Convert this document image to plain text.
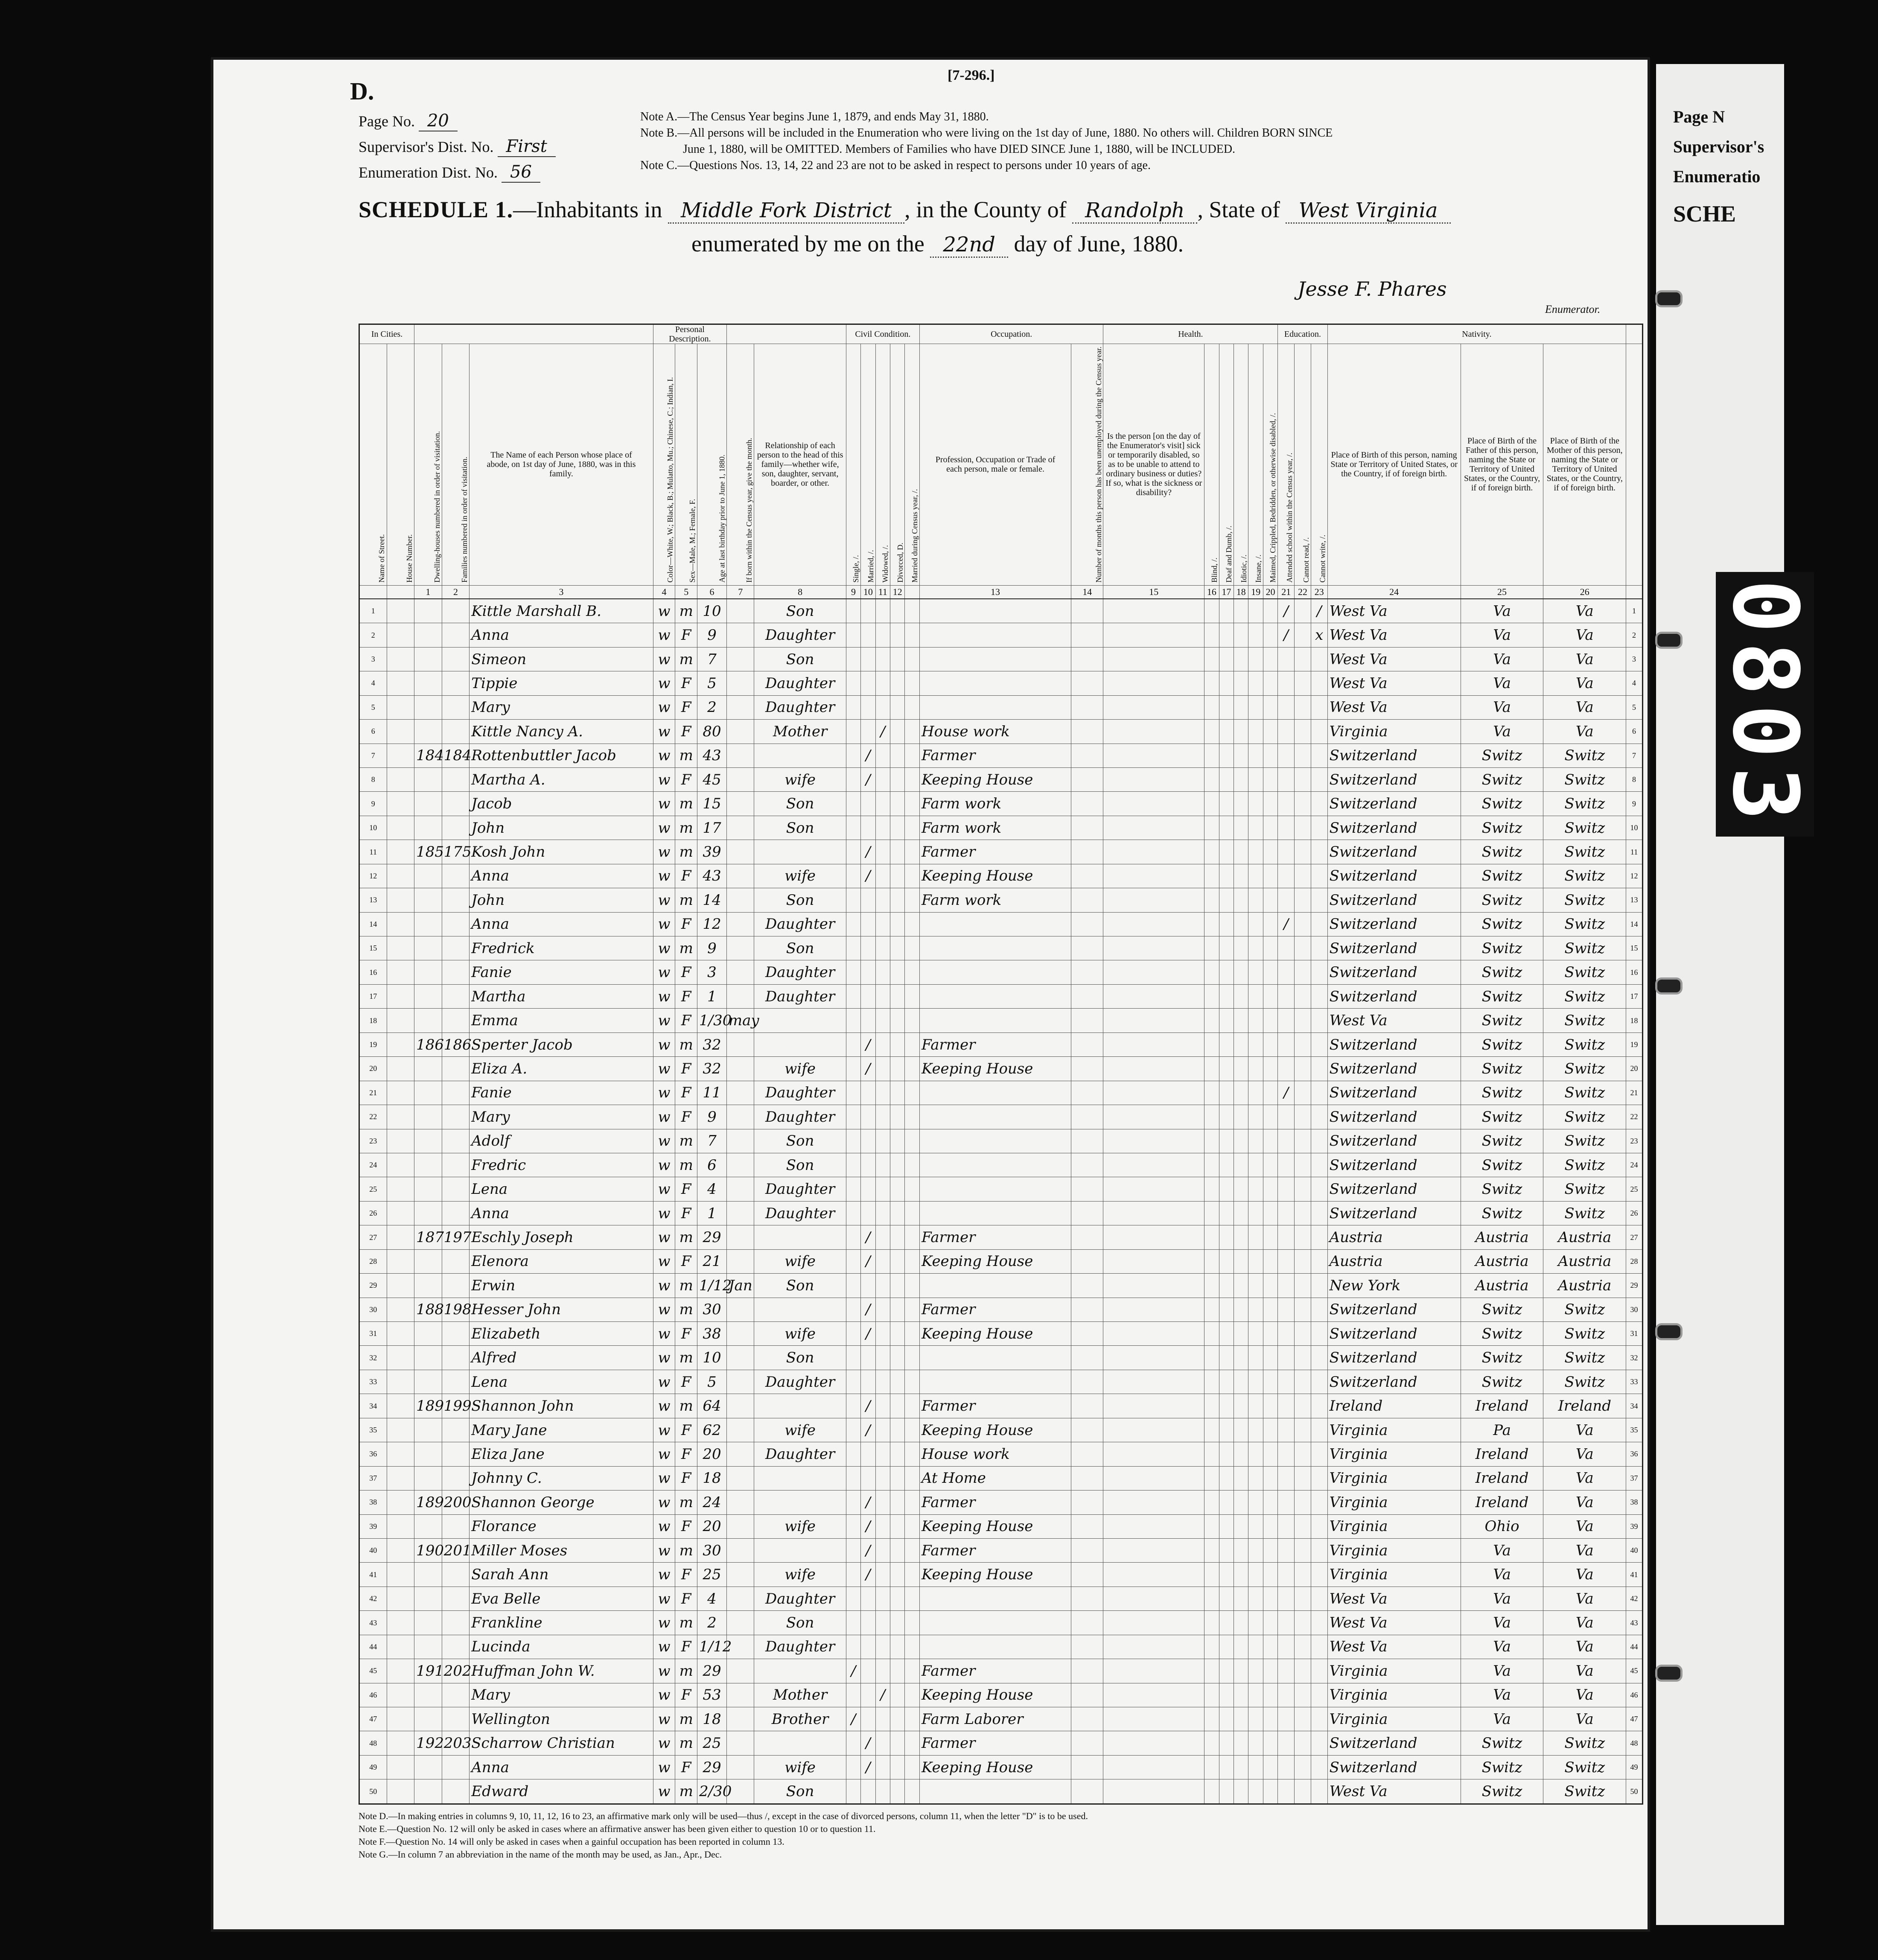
D.
[7-296.]
Page No. 20
Supervisor's Dist. No. First
Enumeration Dist. No. 56
Note A.—The Census Year begins June 1, 1879, and ends May 31, 1880.
Note B.—All persons will be included in the Enumeration who were living on the 1st day of June, 1880. No others will. Children BORN SINCE
June 1, 1880, will be OMITTED. Members of Families who have DIED SINCE June 1, 1880, will be INCLUDED.
Note C.—Questions Nos. 13, 14, 22 and 23 are not to be asked in respect to persons under 10 years of age.
SCHEDULE 1.—Inhabitants in Middle Fork District , in the County of Randolph , State of West Virginia
enumerated by me on the 22nd day of June, 1880.
Jesse F. Phares
Enumerator.
In Cities.					Personal Description.					Civil Condition.					Occupation.		Health.						Education.			Nativity.			
Name of Street.	House Number.	Dwelling-houses numbered in order of visitation.	Families numbered in order of visitation.	The Name of each Person whose place of abode, on 1st day of June, 1880, was in this family.	Color—White, W.; Black, B.; Mulatto, Mu.; Chinese, C.; Indian, I.	Sex—Male, M.; Female, F.	Age at last birthday prior to June 1, 1880.	If born within the Census year, give the month.	Relationship of each person to the head of this family—whether wife, son, daughter, servant, boarder, or other.	Single, /.	Married, /.	Widowed, /.	Divorced, D.	Married during Census year, /.	Profession, Occupation or Trade of each person, male or female.	Number of months this person has been unemployed during the Census year.	Is the person [on the day of the Enumerator's visit] sick or temporarily disabled, so as to be unable to attend to ordinary business or duties? If so, what is the sickness or disability?	Blind, /.	Deaf and Dumb, /.	Idiotic, /.	Insane, /.	Maimed, Crippled, Bedridden, or otherwise disabled, /.	Attended school within the Census year, /.	Cannot read, /.	Cannot write, /.	Place of Birth of this person, naming State or Territory of United States, or the Country, if of foreign birth.	Place of Birth of the Father of this person, naming the State or Territory of United States, or the Country, if of foreign birth.	Place of Birth of the Mother of this person, naming the State or Territory of United States, or the Country, if of foreign birth.	
		1	2	3	4	5	6	7	8	9	10	11	12		13	14	15	16	17	18	19	20	21	22	23	24	25	26	
1				Kittle Marshall B.	w	m	10		Son														/		/	West Va	Va	Va	1
2				Anna	w	F	9		Daughter														/		x	West Va	Va	Va	2
3				Simeon	w	m	7		Son																	West Va	Va	Va	3
4				Tippie	w	F	5		Daughter																	West Va	Va	Va	4
5				Mary	w	F	2		Daughter																	West Va	Va	Va	5
6				Kittle Nancy A.	w	F	80		Mother			/			House work											Virginia	Va	Va	6
7		184	184	Rottenbuttler Jacob	w	m	43				/				Farmer											Switzerland	Switz	Switz	7
8				Martha A.	w	F	45		wife		/				Keeping House											Switzerland	Switz	Switz	8
9				Jacob	w	m	15		Son						Farm work											Switzerland	Switz	Switz	9
10				John	w	m	17		Son						Farm work											Switzerland	Switz	Switz	10
11		185	175	Kosh John	w	m	39				/				Farmer											Switzerland	Switz	Switz	11
12				Anna	w	F	43		wife		/				Keeping House											Switzerland	Switz	Switz	12
13				John	w	m	14		Son						Farm work											Switzerland	Switz	Switz	13
14				Anna	w	F	12		Daughter														/			Switzerland	Switz	Switz	14
15				Fredrick	w	m	9		Son																	Switzerland	Switz	Switz	15
16				Fanie	w	F	3		Daughter																	Switzerland	Switz	Switz	16
17				Martha	w	F	1		Daughter																	Switzerland	Switz	Switz	17
18				Emma	w	F	1/30	may																		West Va	Switz	Switz	18
19		186	186	Sperter Jacob	w	m	32				/				Farmer											Switzerland	Switz	Switz	19
20				Eliza A.	w	F	32		wife		/				Keeping House											Switzerland	Switz	Switz	20
21				Fanie	w	F	11		Daughter														/			Switzerland	Switz	Switz	21
22				Mary	w	F	9		Daughter																	Switzerland	Switz	Switz	22
23				Adolf	w	m	7		Son																	Switzerland	Switz	Switz	23
24				Fredric	w	m	6		Son																	Switzerland	Switz	Switz	24
25				Lena	w	F	4		Daughter																	Switzerland	Switz	Switz	25
26				Anna	w	F	1		Daughter																	Switzerland	Switz	Switz	26
27		187	197	Eschly Joseph	w	m	29				/				Farmer											Austria	Austria	Austria	27
28				Elenora	w	F	21		wife		/				Keeping House											Austria	Austria	Austria	28
29				Erwin	w	m	1/12	Jan	Son																	New York	Austria	Austria	29
30		188	198	Hesser John	w	m	30				/				Farmer											Switzerland	Switz	Switz	30
31				Elizabeth	w	F	38		wife		/				Keeping House											Switzerland	Switz	Switz	31
32				Alfred	w	m	10		Son																	Switzerland	Switz	Switz	32
33				Lena	w	F	5		Daughter																	Switzerland	Switz	Switz	33
34		189	199	Shannon John	w	m	64				/				Farmer											Ireland	Ireland	Ireland	34
35				Mary Jane	w	F	62		wife		/				Keeping House											Virginia	Pa	Va	35
36				Eliza Jane	w	F	20		Daughter						House work											Virginia	Ireland	Va	36
37				Johnny C.	w	F	18								At Home											Virginia	Ireland	Va	37
38		189	200	Shannon George	w	m	24				/				Farmer											Virginia	Ireland	Va	38
39				Florance	w	F	20		wife		/				Keeping House											Virginia	Ohio	Va	39
40		190	201	Miller Moses	w	m	30				/				Farmer											Virginia	Va	Va	40
41				Sarah Ann	w	F	25		wife		/				Keeping House											Virginia	Va	Va	41
42				Eva Belle	w	F	4		Daughter																	West Va	Va	Va	42
43				Frankline	w	m	2		Son																	West Va	Va	Va	43
44				Lucinda	w	F	1/12		Daughter																	West Va	Va	Va	44
45		191	202	Huffman John W.	w	m	29			/					Farmer											Virginia	Va	Va	45
46				Mary	w	F	53		Mother			/			Keeping House											Virginia	Va	Va	46
47				Wellington	w	m	18		Brother	/					Farm Laborer											Virginia	Va	Va	47
48		192	203	Scharrow Christian	w	m	25				/				Farmer											Switzerland	Switz	Switz	48
49				Anna	w	F	29		wife		/				Keeping House											Switzerland	Switz	Switz	49
50				Edward	w	m	2/30		Son																	West Va	Switz	Switz	50
Note D.—In making entries in columns 9, 10, 11, 12, 16 to 23, an affirmative mark only will be used—thus /, except in the case of divorced persons, column 11, when the letter "D" is to be used.
Note E.—Question No. 12 will only be asked in cases where an affirmative answer has been given either to question 10 or to question 11.
Note F.—Question No. 14 will only be asked in cases when a gainful occupation has been reported in column 13.
Note G.—In column 7 an abbreviation in the name of the month may be used, as Jan., Apr., Dec.
Page N
Supervisor's
Enumeratio
SCHE
0803
